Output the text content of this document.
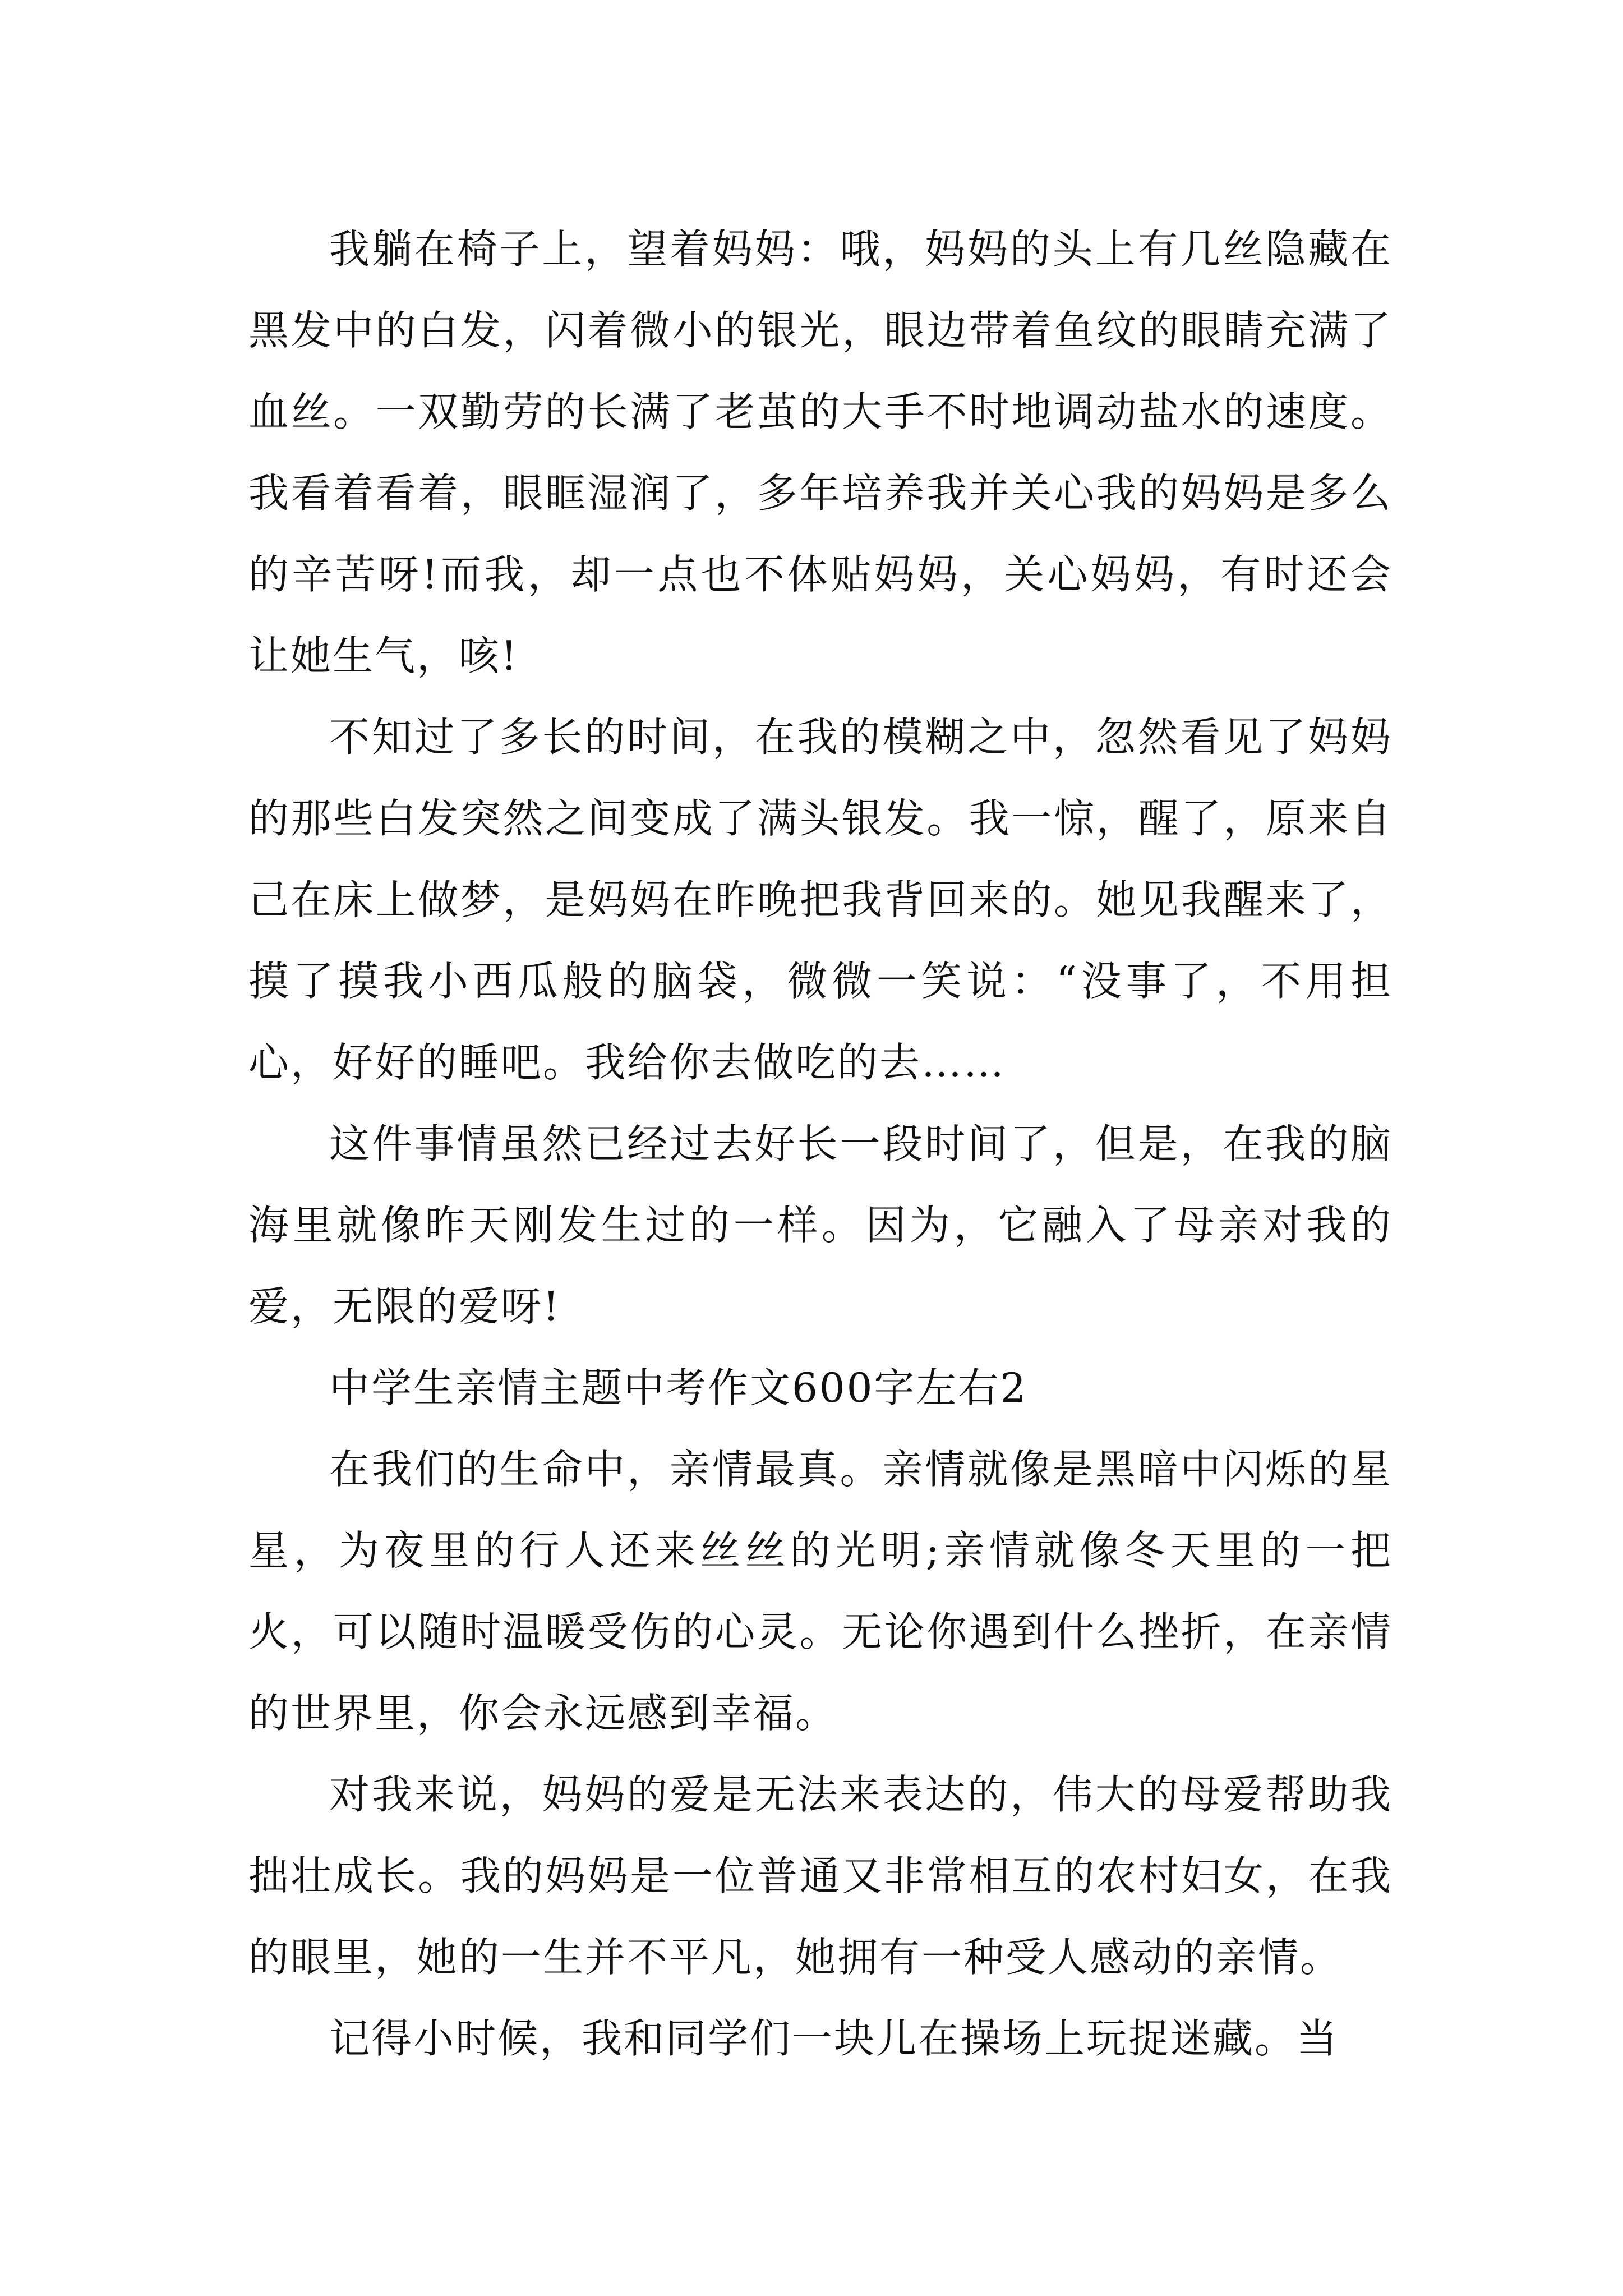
我躺在椅子上，望着妈妈：哦，妈妈的头上有几丝隐藏在黑发中的白发，闪着微小的银光，眼边带着鱼纹的眼睛充满了血丝。一双勤劳的长满了老茧的大手不时地调动盐水的速度。我看着看着，眼眶湿润了，多年培养我并关心我的妈妈是多么的辛苦呀!而我，却一点也不体贴妈妈，关心妈妈，有时还会让她生气，咳!

不知过了多长的时间，在我的模糊之中，忽然看见了妈妈的那些白发突然之间变成了满头银发。我一惊，醒了，原来自己在床上做梦，是妈妈在昨晚把我背回来的。她见我醒来了，摸了摸我小西瓜般的脑袋，微微一笑说：“没事了，不用担心，好好的睡吧。我给你去做吃的去……

这件事情虽然已经过去好长一段时间了，但是，在我的脑海里就像昨天刚发生过的一样。因为，它融入了母亲对我的爱，无限的爱呀!

中学生亲情主题中考作文600字左右2

在我们的生命中，亲情最真。亲情就像是黑暗中闪烁的星星，为夜里的行人还来丝丝的光明;亲情就像冬天里的一把火，可以随时温暖受伤的心灵。无论你遇到什么挫折，在亲情的世界里，你会永远感到幸福。

对我来说，妈妈的爱是无法来表达的，伟大的母爱帮助我拙壮成长。我的妈妈是一位普通又非常相互的农村妇女，在我的眼里，她的一生并不平凡，她拥有一种受人感动的亲情。

记得小时候，我和同学们一块儿在操场上玩捉迷藏。当
